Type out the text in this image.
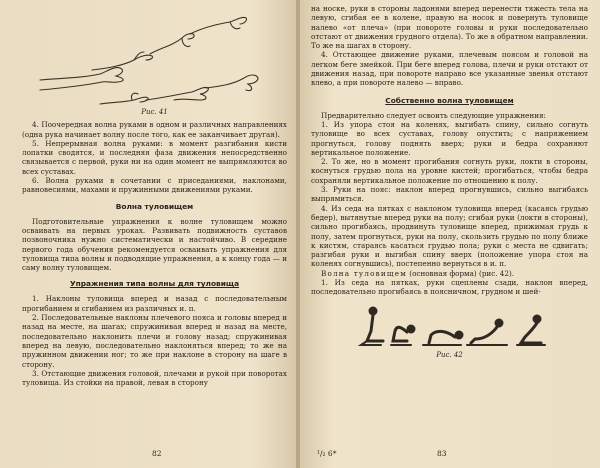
Рис. 41

4. Поочередная волна руками в одном и различных направлениях (одна рука начинает волну после того, как ее заканчивает другая).

5. Непрерывная волна руками: в момент разгибания кисти лопатки сводятся, и последняя фаза движения непосредственно связывается с первой, руки ни на один момент не выпрямляются во всех суставах.

6. Волна руками в сочетании с приседаниями, наклонами, равновесиями, махами и пружинными движениями руками.

Волна туловищем

Подготовительные упражнения к волне туловищем можно осваивать на первых уроках. Развивать подвижность суставов позвоночника нужно систематически и настойчиво. В середине первого года обучения рекомендуется осваивать упражнения для туловища типа волны и подводящие упражнения, а к концу года — и саму волну туловищем.

Упражнения типа волны для туловища

1. Наклоны туловища вперед и назад с последовательным прогибанием и сгибанием из различных и. п.

2. Последовательные наклоны плечевого пояса и головы вперед и назад на месте, на шагах; спружинивая вперед и назад на месте, последовательно наклонить плечи и голову назад; спружинивая вперед на левую, последовательно наклоняться вперед; то же на пружинном движении ног; то же при наклоне в сторону на шаге в сторону.

3. Отстающие движения головой, плечами и рукой при поворотах туловища. Из стойки на правой, левая в сторону

82

на носке, руки в стороны ладонями вперед перенести тяжесть тела на левую, сгибая ее в колене, правую на носок и повернуть туловище налево «от плеча» (при повороте головы и руки последовательно отстают от движения грудного отдела). То же в обратном направлении. То же на шагах в сторону.

4. Отстающее движение руками, плечевым поясом и головой на легком беге змейкой. При беге вперед голова, плечи и руки отстают от движения назад, при повороте направо все указанные звенья отстают влево, а при повороте налево — вправо.

Собственно волна туловищем

Предварительно следует освоить следующие упражнения:

1. Из упора стоя на коленях, выгибать спину, сильно согнуть туловище во всех суставах, голову опустить; с напряжением прогнуться, голову поднять вверх; руки и бедра сохраняют вертикальное положение.

2. То же, но в момент прогибания согнуть руки, локти в стороны, коснуться грудью пола на уровне кистей; прогибаться, чтобы бедра сохраняли вертикальное положение по отношению к полу.

3. Руки на пояс: наклон вперед прогнувшись, сильно выгибаясь выпрямиться.

4. Из седа на пятках с наклоном туловища вперед (касаясь грудью бедер), вытянутые вперед руки на полу; сгибая руки (локти в стороны), сильно прогибаясь, продвинуть туловище вперед, прижимая грудь к полу, затем прогнуться, руки на полу, скользить грудью по полу ближе к кистям, стараясь касаться грудью пола; руки с места не сдвигать; разгибая руки и выгибая спину вверх (положение упора стоя на коленях согнувшись), постепенно вернуться в и. п.

Волна туловищем (основная форма) (рис. 42).

1. Из седа на пятках, руки сцеплены сзади, наклон вперед, последовательно прогибаясь в поясничном, грудном и шей-

Рис. 42

¹/₂ 6*	83
